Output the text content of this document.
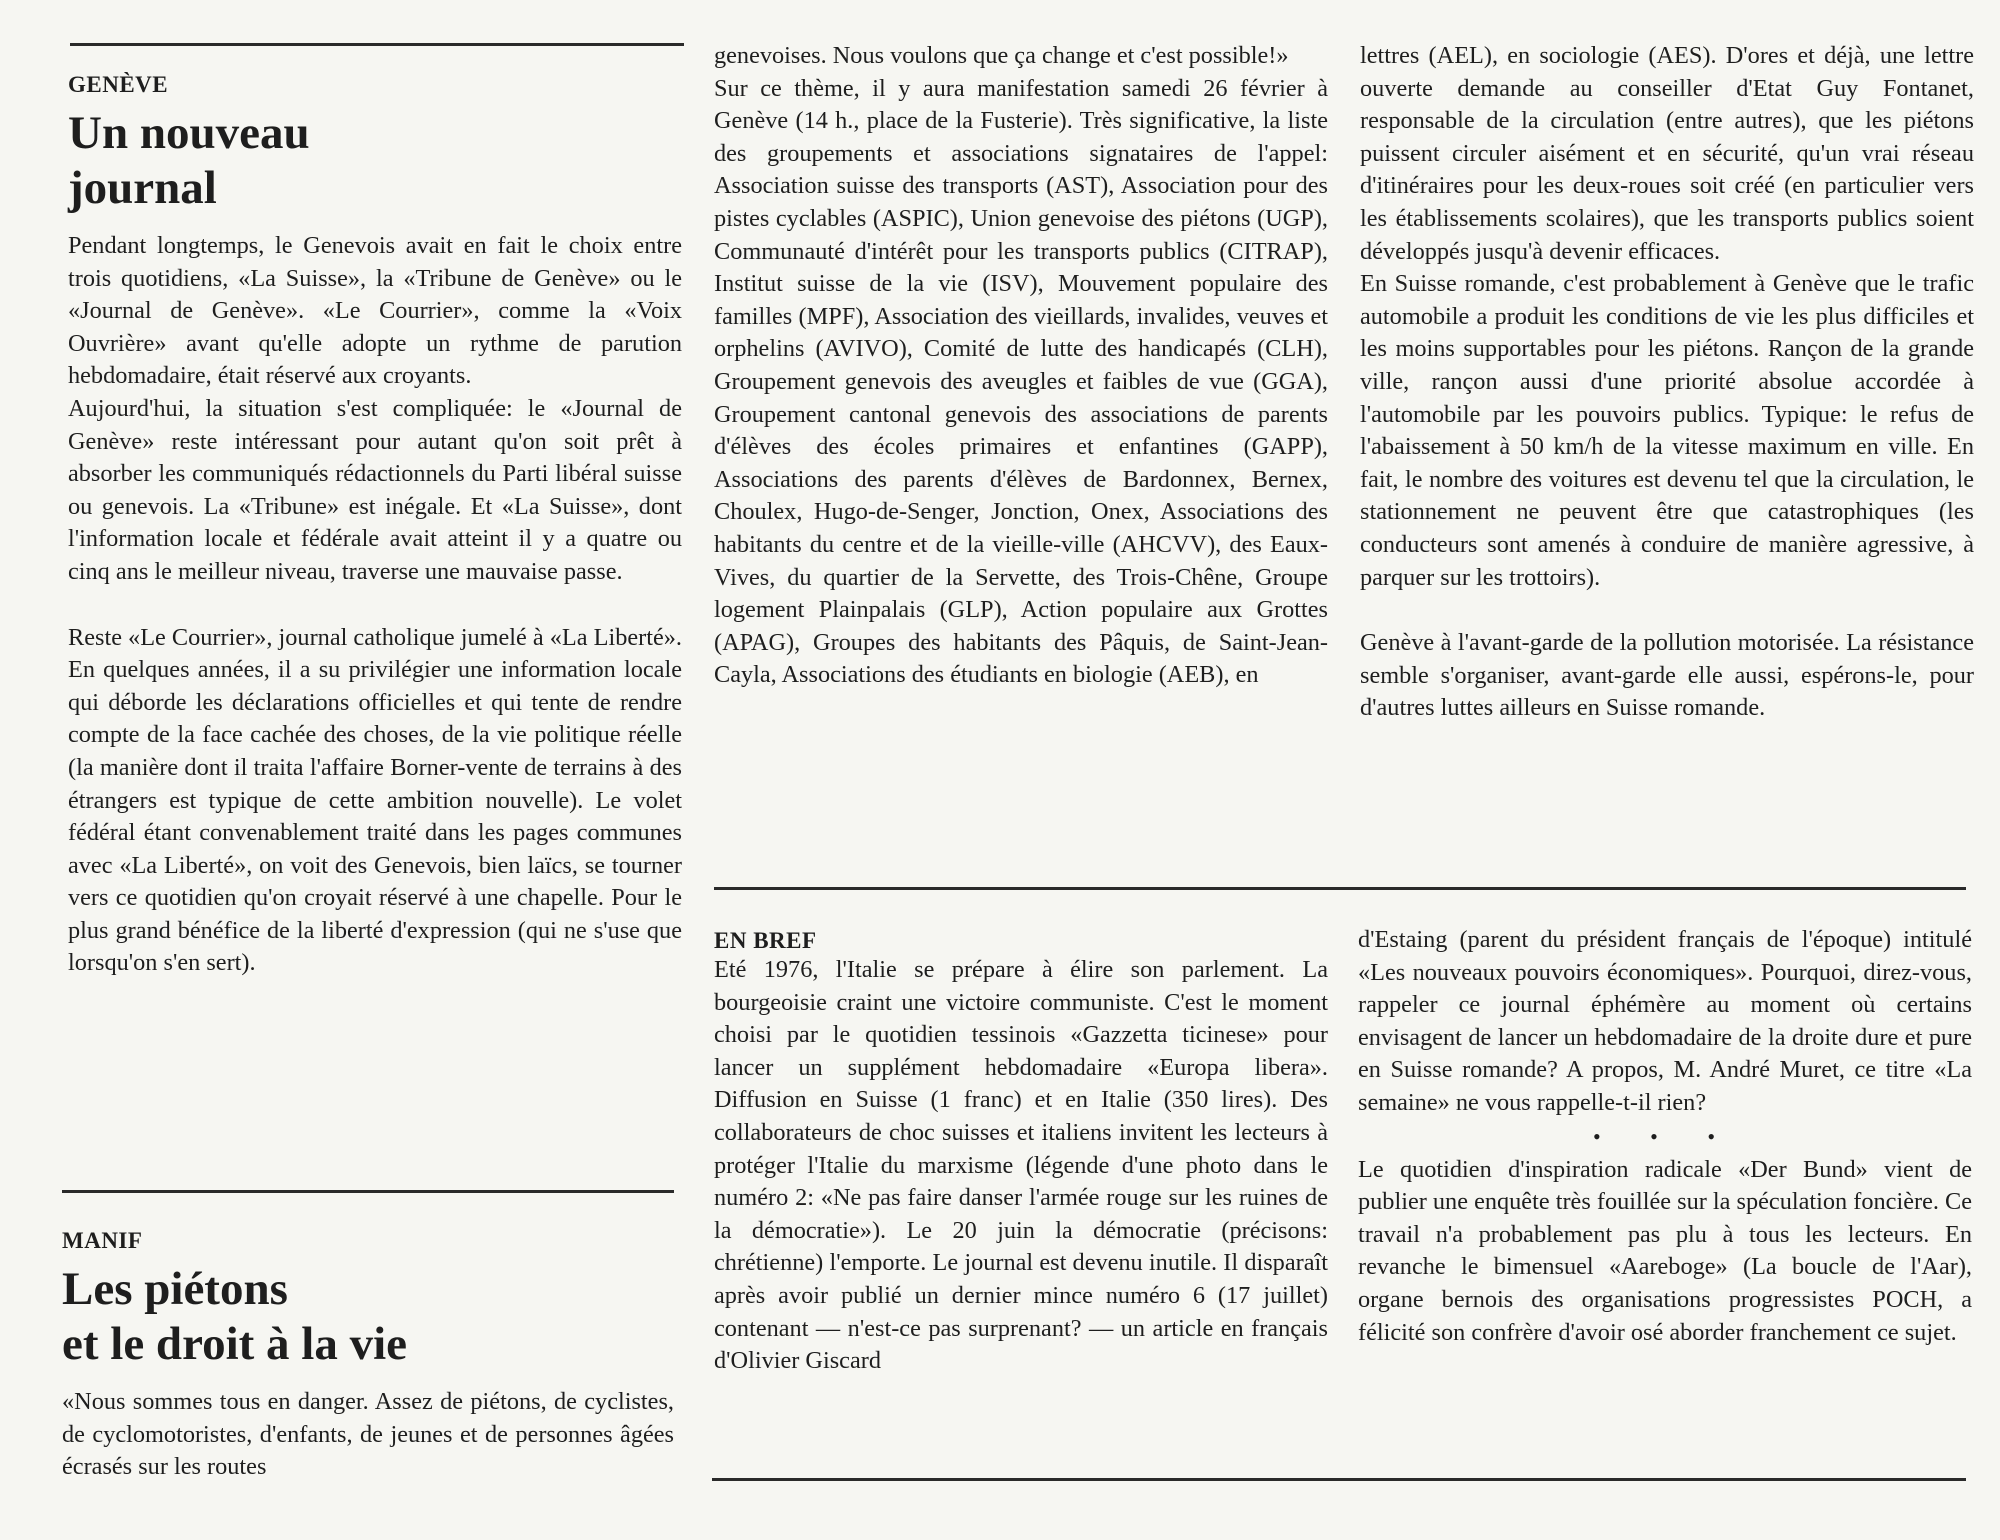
GENÈVE
Un nouveau
journal

Pendant longtemps, le Genevois avait en fait le choix entre trois quotidiens, «La Suisse», la «Tribune de Genève» ou le «Journal de Genève». «Le Courrier», comme la «Voix Ouvrière» avant qu'elle adopte un rythme de parution hebdomadaire, était réservé aux croyants.

Aujourd'hui, la situation s'est compliquée: le «Journal de Genève» reste intéressant pour autant qu'on soit prêt à absorber les communiqués rédactionnels du Parti libéral suisse ou genevois. La «Tribune» est inégale. Et «La Suisse», dont l'information locale et fédérale avait atteint il y a quatre ou cinq ans le meilleur niveau, traverse une mauvaise passe.

Reste «Le Courrier», journal catholique jumelé à «La Liberté». En quelques années, il a su privilégier une information locale qui déborde les déclarations officielles et qui tente de rendre compte de la face cachée des choses, de la vie politique réelle (la manière dont il traita l'affaire Borner-vente de terrains à des étrangers est typique de cette ambition nouvelle). Le volet fédéral étant convenablement traité dans les pages communes avec «La Liberté», on voit des Genevois, bien laïcs, se tourner vers ce quotidien qu'on croyait réservé à une chapelle. Pour le plus grand bénéfice de la liberté d'expression (qui ne s'use que lorsqu'on s'en sert).

MANIF
Les piétons
et le droit à la vie

«Nous sommes tous en danger. Assez de piétons, de cyclistes, de cyclomotoristes, d'enfants, de jeunes et de personnes âgées écrasés sur les routes

genevoises. Nous voulons que ça change et c'est possible!»

Sur ce thème, il y aura manifestation samedi 26 février à Genève (14 h., place de la Fusterie). Très significative, la liste des groupements et associations signataires de l'appel: Association suisse des transports (AST), Association pour des pistes cyclables (ASPIC), Union genevoise des piétons (UGP), Communauté d'intérêt pour les transports publics (CITRAP), Institut suisse de la vie (ISV), Mouvement populaire des familles (MPF), Association des vieillards, invalides, veuves et orphelins (AVIVO), Comité de lutte des handicapés (CLH), Groupement genevois des aveugles et faibles de vue (GGA), Groupement cantonal genevois des associations de parents d'élèves des écoles primaires et enfantines (GAPP), Associations des parents d'élèves de Bardonnex, Bernex, Choulex, Hugo-de-Senger, Jonction, Onex, Associations des habitants du centre et de la vieille-ville (AHCVV), des Eaux-Vives, du quartier de la Servette, des Trois-Chêne, Groupe logement Plainpalais (GLP), Action populaire aux Grottes (APAG), Groupes des habitants des Pâquis, de Saint-Jean-Cayla, Associations des étudiants en biologie (AEB), en

lettres (AEL), en sociologie (AES). D'ores et déjà, une lettre ouverte demande au conseiller d'Etat Guy Fontanet, responsable de la circulation (entre autres), que les piétons puissent circuler aisément et en sécurité, qu'un vrai réseau d'itinéraires pour les deux-roues soit créé (en particulier vers les établissements scolaires), que les transports publics soient développés jusqu'à devenir efficaces.

En Suisse romande, c'est probablement à Genève que le trafic automobile a produit les conditions de vie les plus difficiles et les moins supportables pour les piétons. Rançon de la grande ville, rançon aussi d'une priorité absolue accordée à l'automobile par les pouvoirs publics. Typique: le refus de l'abaissement à 50 km/h de la vitesse maximum en ville. En fait, le nombre des voitures est devenu tel que la circulation, le stationnement ne peuvent être que catastrophiques (les conducteurs sont amenés à conduire de manière agressive, à parquer sur les trottoirs).

Genève à l'avant-garde de la pollution motorisée. La résistance semble s'organiser, avant-garde elle aussi, espérons-le, pour d'autres luttes ailleurs en Suisse romande.

EN BREF

Eté 1976, l'Italie se prépare à élire son parlement. La bourgeoisie craint une victoire communiste. C'est le moment choisi par le quotidien tessinois «Gazzetta ticinese» pour lancer un supplément hebdomadaire «Europa libera». Diffusion en Suisse (1 franc) et en Italie (350 lires). Des collaborateurs de choc suisses et italiens invitent les lecteurs à protéger l'Italie du marxisme (légende d'une photo dans le numéro 2: «Ne pas faire danser l'armée rouge sur les ruines de la démocratie»). Le 20 juin la démocratie (précisons: chrétienne) l'emporte. Le journal est devenu inutile. Il disparaît après avoir publié un dernier mince numéro 6 (17 juillet) contenant — n'est-ce pas surprenant? — un article en français d'Olivier Giscard

d'Estaing (parent du président français de l'époque) intitulé «Les nouveaux pouvoirs économiques». Pourquoi, direz-vous, rappeler ce journal éphémère au moment où certains envisagent de lancer un hebdomadaire de la droite dure et pure en Suisse romande? A propos, M. André Muret, ce titre «La semaine» ne vous rappelle-t-il rien?

• • •

Le quotidien d'inspiration radicale «Der Bund» vient de publier une enquête très fouillée sur la spéculation foncière. Ce travail n'a probablement pas plu à tous les lecteurs. En revanche le bimensuel «Aareboge» (La boucle de l'Aar), organe bernois des organisations progressistes POCH, a félicité son confrère d'avoir osé aborder franchement ce sujet.
